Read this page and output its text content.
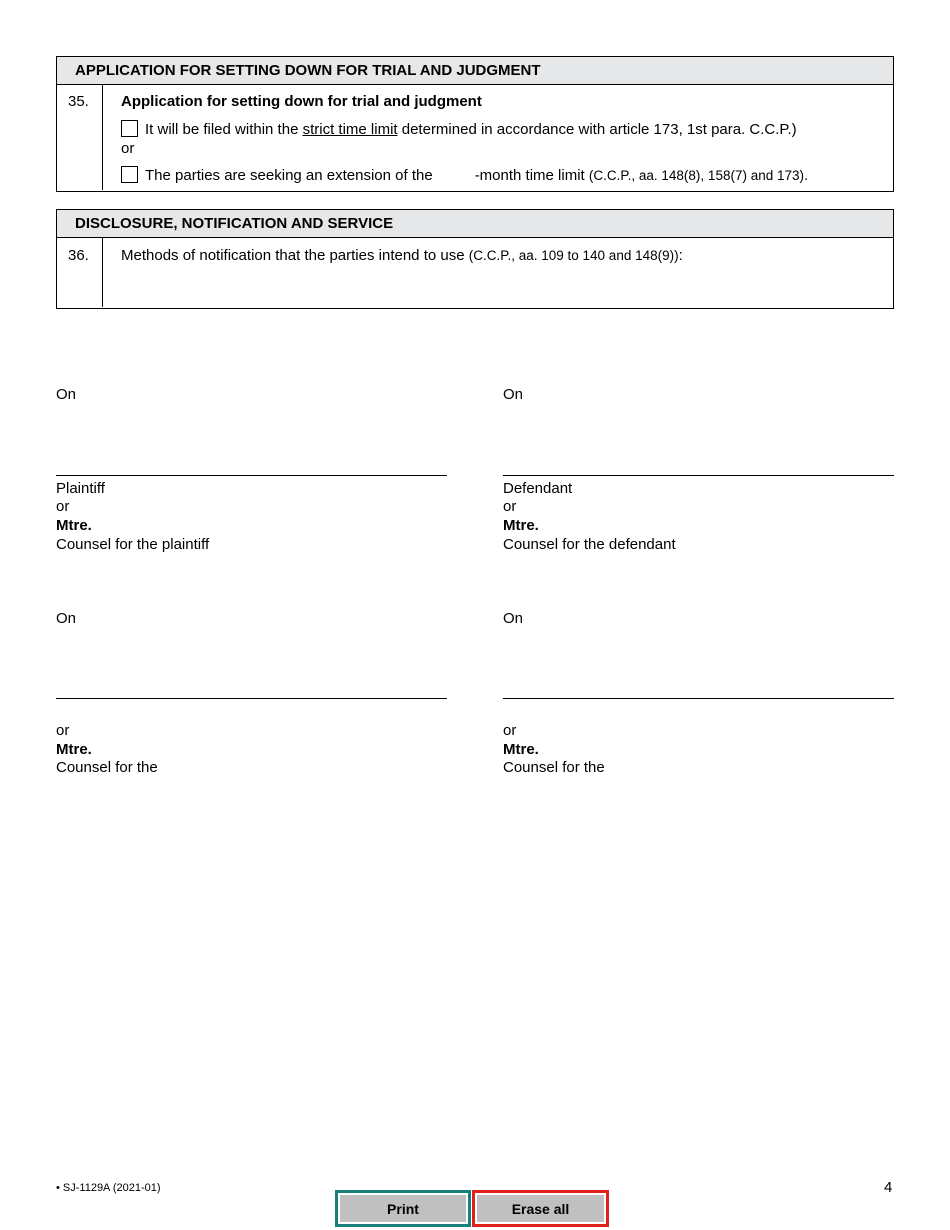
APPLICATION FOR SETTING DOWN FOR TRIAL AND JUDGMENT
35. Application for setting down for trial and judgment
It will be filed within the strict time limit determined in accordance with article 173, 1st para. C.C.P.)
or
The parties are seeking an extension of the	-month time limit (C.C.P., aa. 148(8), 158(7) and 173).
DISCLOSURE, NOTIFICATION AND SERVICE
36. Methods of notification that the parties intend to use (C.C.P., aa. 109 to 140 and 148(9)):
On
Plaintiff
or
Mtre.
Counsel for the plaintiff
On
Defendant
or
Mtre.
Counsel for the defendant
On
or
Mtre.
Counsel for the
On
or
Mtre.
Counsel for the
• SJ-1129A (2021-01)	4
Print	Erase all
